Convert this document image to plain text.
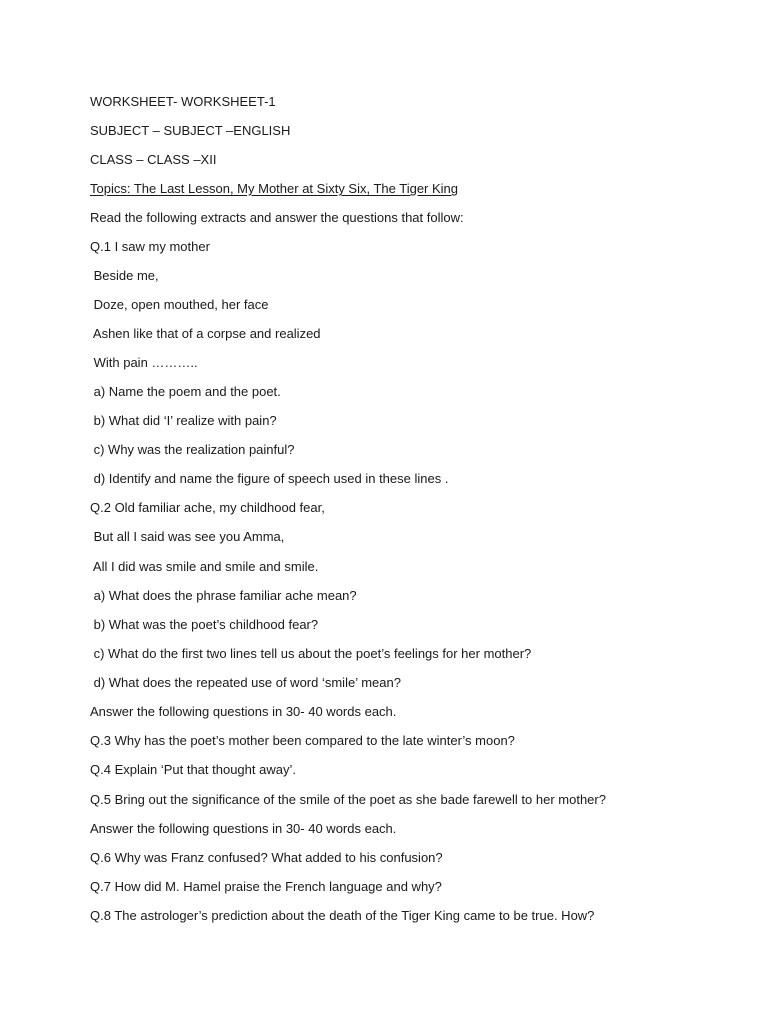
WORKSHEET- WORKSHEET-1
SUBJECT – SUBJECT –ENGLISH
CLASS – CLASS –XII
Topics: The Last Lesson, My Mother at Sixty Six, The Tiger King
Read the following extracts and answer the questions that follow:
Q.1 I saw my mother
Beside me,
Doze, open mouthed, her face
Ashen like that of a corpse and realized
With pain ………..
a) Name the poem and the poet.
b) What did ‘I’ realize with pain?
c) Why was the realization painful?
d) Identify and name the figure of speech used in these lines .
Q.2 Old familiar ache, my childhood fear,
But all I said was see you Amma,
All I did was smile and smile and smile.
a) What does the phrase familiar ache mean?
b) What was the poet’s childhood fear?
c) What do the first two lines tell us about the poet’s feelings for her mother?
d) What does the repeated use of word ‘smile’ mean?
Answer the following questions in 30- 40 words each.
Q.3 Why has the poet’s mother been compared to the late winter’s moon?
Q.4 Explain ‘Put that thought away’.
Q.5 Bring out the significance of the smile of the poet as she bade farewell to her mother?
Answer the following questions in 30- 40 words each.
Q.6 Why was Franz confused? What added to his confusion?
Q.7 How did M. Hamel praise the French language and why?
Q.8 The astrologer’s prediction about the death of the Tiger King came to be true. How?
